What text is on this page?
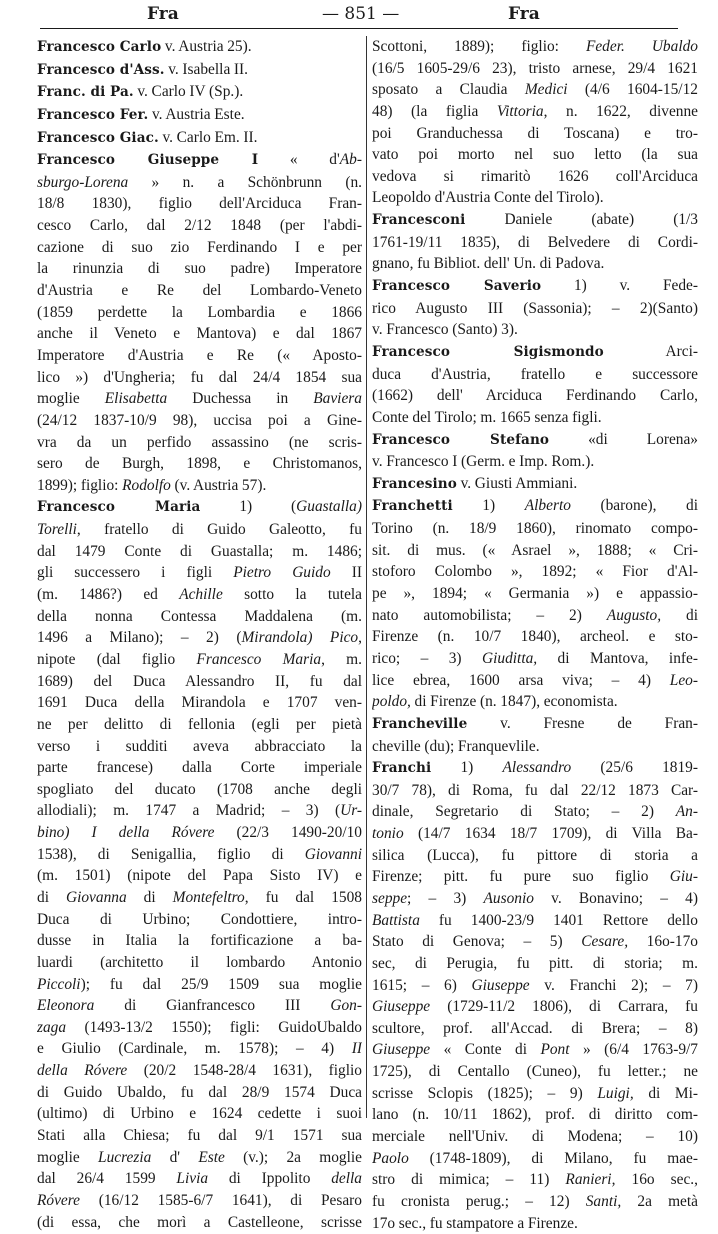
Fra	— 851 —	Fra

Francesco Carlo v. Austria 25).

Francesco d'Ass. v. Isabella II.

Franc. di Pa. v. Carlo IV (Sp.).

Francesco Fer. v. Austria Este.

Francesco Giac. v. Carlo Em. II.

Francesco Giuseppe I « d'Ab-
sburgo-Lorena » n. a Schönbrunn (n.
18/8 1830), figlio dell'Arciduca Fran-
cesco Carlo, dal 2/12 1848 (per l'abdi-
cazione di suo zio Ferdinando I e per
la rinunzia di suo padre) Imperatore
d'Austria e Re del Lombardo-Veneto
(1859 perdette la Lombardia e 1866
anche il Veneto e Mantova) e dal 1867
Imperatore d'Austria e Re (« Aposto-
lico ») d'Ungheria; fu dal 24/4 1854 sua
moglie Elisabetta Duchessa in Baviera
(24/12 1837-10/9 98), uccisa poi a Gine-
vra da un perfido assassino (ne scris-
sero de Burgh, 1898, e Christomanos,
1899); figlio: Rodolfo (v. Austria 57).

Francesco Maria 1) (Guastalla)
Torelli, fratello di Guido Galeotto, fu
dal 1479 Conte di Guastalla; m. 1486;
gli successero i figli Pietro Guido II
(m. 1486?) ed Achille sotto la tutela
della nonna Contessa Maddalena (m.
1496 a Milano); – 2) (Mirandola) Pico,
nipote (dal figlio Francesco Maria, m.
1689) del Duca Alessandro II, fu dal
1691 Duca della Mirandola e 1707 ven-
ne per delitto di fellonia (egli per pietà
verso i sudditi aveva abbracciato la
parte francese) dalla Corte imperiale
spogliato del ducato (1708 anche degli
allodiali); m. 1747 a Madrid; – 3) (Ur-
bino) I della Róvere (22/3 1490-20/10
1538), di Senigallia, figlio di Giovanni
(m. 1501) (nipote del Papa Sisto IV) e
di Giovanna di Montefeltro, fu dal 1508
Duca di Urbino; Condottiere, intro-
dusse in Italia la fortificazione a ba-
luardi (architetto il lombardo Antonio
Piccoli); fu dal 25/9 1509 sua moglie
Eleonora di Gianfrancesco III Gon-
zaga (1493-13/2 1550); figli: GuidoUbaldo
e Giulio (Cardinale, m. 1578); – 4) II
della Róvere (20/2 1548-28/4 1631), figlio
di Guido Ubaldo, fu dal 28/9 1574 Duca
(ultimo) di Urbino e 1624 cedette i suoi
Stati alla Chiesa; fu dal 9/1 1571 sua
moglie Lucrezia d' Este (v.); 2a moglie
dal 26/4 1599 Livia di Ippolito della
Róvere (16/12 1585-6/7 1641), di Pesaro
(di essa, che morì a Castelleone, scrisse

Scottoni, 1889); figlio: Feder. Ubaldo
(16/5 1605-29/6 23), tristo arnese, 29/4 1621
sposato a Claudia Medici (4/6 1604-15/12
48) (la figlia Vittoria, n. 1622, divenne
poi Granduchessa di Toscana) e tro-
vato poi morto nel suo letto (la sua
vedova si rimaritò 1626 coll'Arciduca
Leopoldo d'Austria Conte del Tirolo).

Francesconi Daniele (abate) (1/3
1761-19/11 1835), di Belvedere di Cordi-
gnano, fu Bibliot. dell' Un. di Padova.

Francesco Saverio 1) v. Fede-
rico Augusto III (Sassonia); – 2)(Santo)
v. Francesco (Santo) 3).

Francesco Sigismondo Arci-
duca d'Austria, fratello e successore
(1662) dell' Arciduca Ferdinando Carlo,
Conte del Tirolo; m. 1665 senza figli.

Francesco Stefano «di Lorena»
v. Francesco I (Germ. e Imp. Rom.).

Francesino v. Giusti Ammiani.

Franchetti 1) Alberto (barone), di
Torino (n. 18/9 1860), rinomato compo-
sit. di mus. (« Asrael », 1888; « Cri-
stoforo Colombo », 1892; « Fior d'Al-
pe », 1894; « Germania ») e appassio-
nato automobilista; – 2) Augusto, di
Firenze (n. 10/7 1840), archeol. e sto-
rico; – 3) Giuditta, di Mantova, infe-
lice ebrea, 1600 arsa viva; – 4) Leo-
poldo, di Firenze (n. 1847), economista.

Francheville v. Fresne de Fran-
cheville (du); Franquevlile.

Franchi 1) Alessandro (25/6 1819-
30/7 78), di Roma, fu dal 22/12 1873 Car-
dinale, Segretario di Stato; – 2) An-
tonio (14/7 1634 18/7 1709), di Villa Ba-
silica (Lucca), fu pittore di storia a
Firenze; pitt. fu pure suo figlio Giu-
seppe; – 3) Ausonio v. Bonavino; – 4)
Battista fu 1400-23/9 1401 Rettore dello
Stato di Genova; – 5) Cesare, 16o-17o
sec, di Perugia, fu pitt. di storia; m.
1615; – 6) Giuseppe v. Franchi 2); – 7)
Giuseppe (1729-11/2 1806), di Carrara, fu
scultore, prof. all'Accad. di Brera; – 8)
Giuseppe « Conte di Pont » (6/4 1763-9/7
1725), di Centallo (Cuneo), fu letter.; ne
scrisse Sclopis (1825); – 9) Luigi, di Mi-
lano (n. 10/11 1862), prof. di diritto com-
merciale nell'Univ. di Modena; – 10)
Paolo (1748-1809), di Milano, fu mae-
stro di mimica; – 11) Ranieri, 16o sec.,
fu cronista perug.; – 12) Santi, 2a metà
17o sec., fu stampatore a Firenze.
